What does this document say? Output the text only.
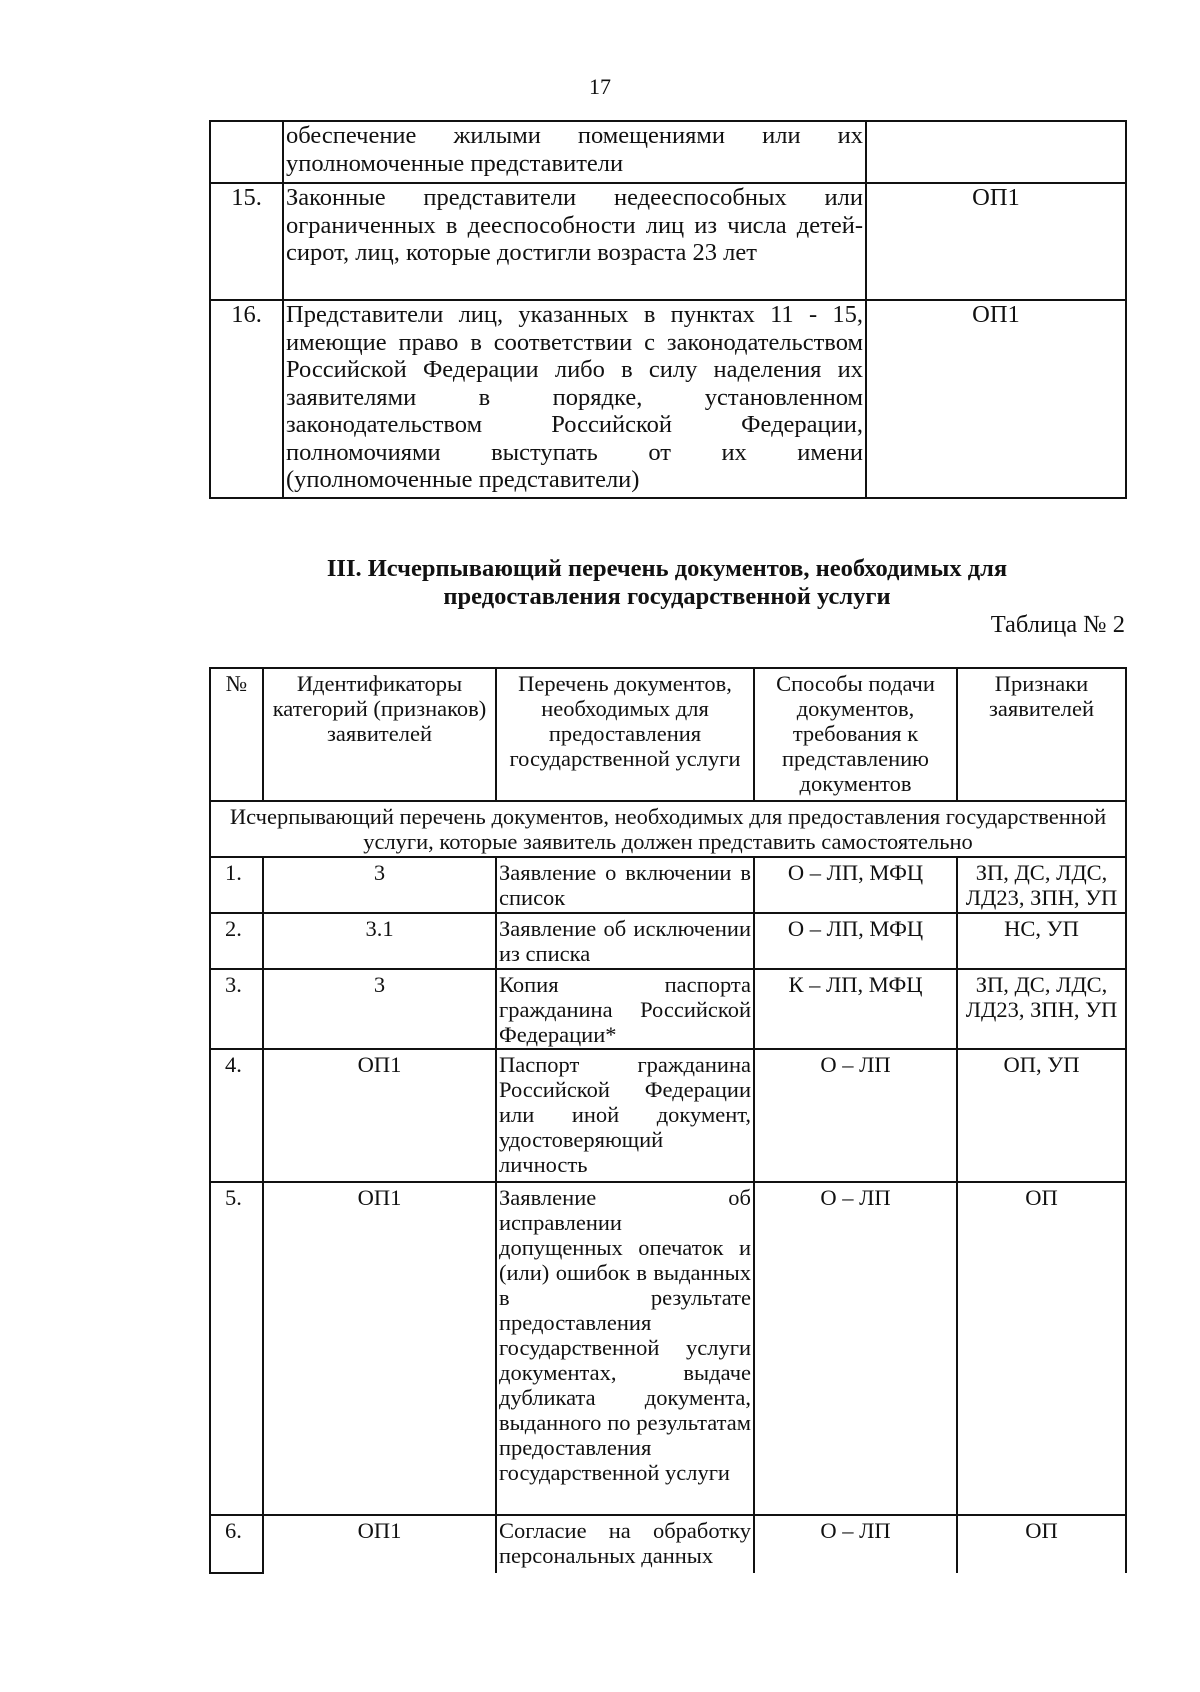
17
	обеспечение жилыми помещениями или их уполномоченные представители	
15.	Законные представители недееспособных или ограниченных в дееспособности лиц из числа детей-сирот, лиц, которые достигли возраста 23 лет	ОП1
16.	Представители лиц, указанных в пунктах 11 - 15, имеющие право в соответствии с законодательством Российской Федерации либо в силу наделения их заявителями в порядке, установленном законодательством Российской Федерации, полномочиями выступать от их имени (уполномоченные представители)	ОП1
III. Исчерпывающий перечень документов, необходимых для
предоставления государственной услуги
Таблица № 2
№	Идентификаторы категорий (признаков) заявителей	Перечень документов, необходимых для предоставления государственной услуги	Способы подачи документов, требования к представлению документов	Признаки заявителей
Исчерпывающий перечень документов, необходимых для предоставления государственной услуги, которые заявитель должен представить самостоятельно				
1.	3	Заявление о включении в список	О – ЛП, МФЦ	ЗП, ДС, ЛДС, ЛД23, ЗПН, УП
2.	3.1	Заявление об исключении из списка	О – ЛП, МФЦ	НС, УП
3.	3	Копия паспорта гражданина Российской Федерации*	К – ЛП, МФЦ	ЗП, ДС, ЛДС, ЛД23, ЗПН, УП
4.	ОП1	Паспорт гражданина Российской Федерации или иной документ, удостоверяющий личность	О – ЛП	ОП, УП
5.	ОП1	Заявление об исправлении допущенных опечаток и (или) ошибок в выданных в результате предоставления государственной услуги документах, выдаче дубликата документа, выданного по результатам предоставления государственной услуги	О – ЛП	ОП
6.	ОП1	Согласие на обработку персональных данных	О – ЛП	ОП
